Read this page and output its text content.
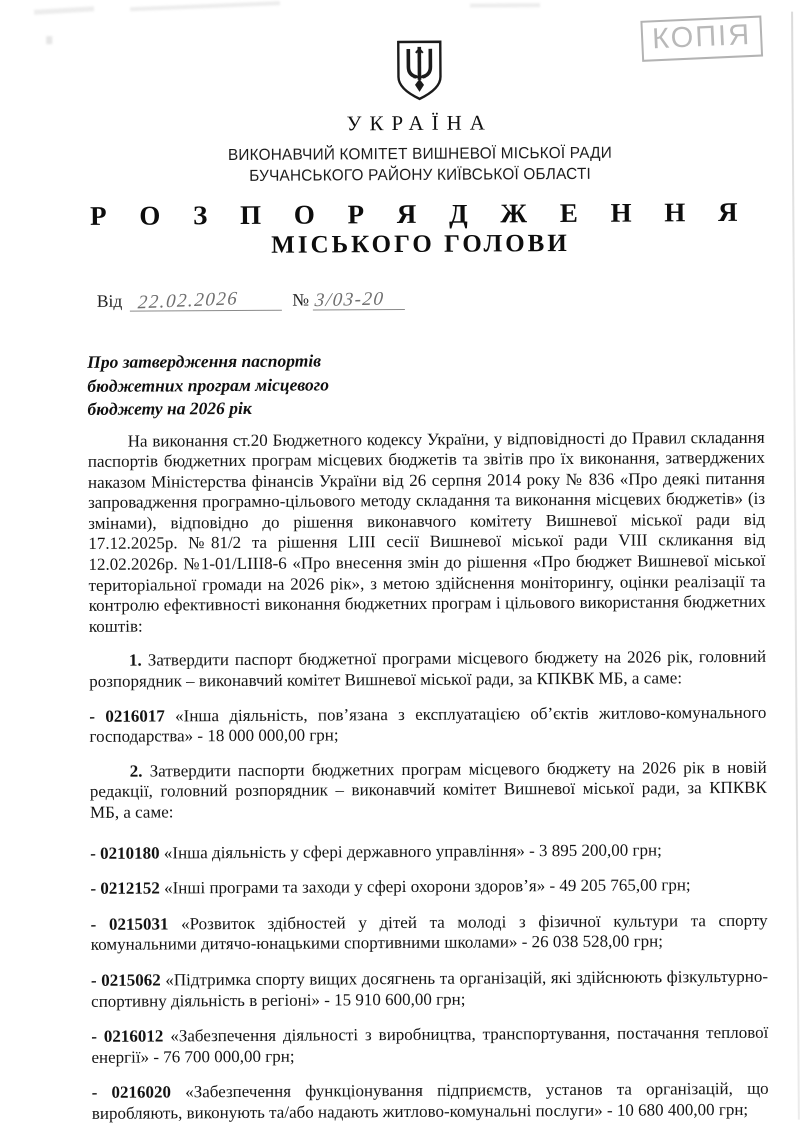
КОПІЯ
УКРАЇНА
ВИКОНАВЧИЙ КОМІТЕТ ВИШНЕВОЇ МІСЬКОЇ РАДИ
БУЧАНСЬКОГО РАЙОНУ КИЇВСЬКОЇ ОБЛАСТІ
Р О З П О Р Я Д Ж Е Н Н Я
МІСЬКОГО ГОЛОВИ
Від 22.02.2026	№ 3/03-20
Про затвердження паспортів
бюджетних програм місцевого
бюджету на 2026 рік

На виконання ст.20 Бюджетного кодексу України, у відповідності до Правил складання паспортів бюджетних програм місцевих бюджетів та звітів про їх виконання, затверджених наказом Міністерства фінансів України від 26 серпня 2014 року № 836 «Про деякі питання запровадження програмно-цільового методу складання та виконання місцевих бюджетів» (із змінами), відповідно до рішення виконавчого комітету Вишневої міської ради від 17.12.2025р. №81/2 та рішення LIII сесії Вишневої міської ради VIII скликання від 12.02.2026р. №1-01/LІІІ8-6 «Про внесення змін до рішення «Про бюджет Вишневої міської територіальної громади на 2026 рік», з метою здійснення моніторингу, оцінки реалізації та контролю ефективності виконання бюджетних програм і цільового використання бюджетних коштів:

1. Затвердити паспорт бюджетної програми місцевого бюджету на 2026 рік, головний розпорядник – виконавчий комітет Вишневої міської ради, за КПКВК МБ, а саме:

- 0216017 «Інша діяльність, пов’язана з експлуатацією об’єктів житлово-комунального господарства» - 18 000 000,00 грн;

2. Затвердити паспорти бюджетних програм місцевого бюджету на 2026 рік в новій редакції, головний розпорядник – виконавчий комітет Вишневої міської ради, за КПКВК МБ, а саме:

- 0210180 «Інша діяльність у сфері державного управління» - 3 895 200,00 грн;

- 0212152 «Інші програми та заходи у сфері охорони здоров’я» - 49 205 765,00 грн;

- 0215031 «Розвиток здібностей у дітей та молоді з фізичної культури та спорту комунальними дитячо-юнацькими спортивними школами» - 26 038 528,00 грн;

- 0215062 «Підтримка спорту вищих досягнень та організацій, які здійснюють фізкультурно-спортивну діяльність в регіоні» - 15 910 600,00 грн;

- 0216012 «Забезпечення діяльності з виробництва, транспортування, постачання теплової енергії» - 76 700 000,00 грн;

- 0216020 «Забезпечення функціонування підприємств, установ та організацій, що виробляють, виконують та/або надають житлово-комунальні послуги» - 10 680 400,00 грн;
